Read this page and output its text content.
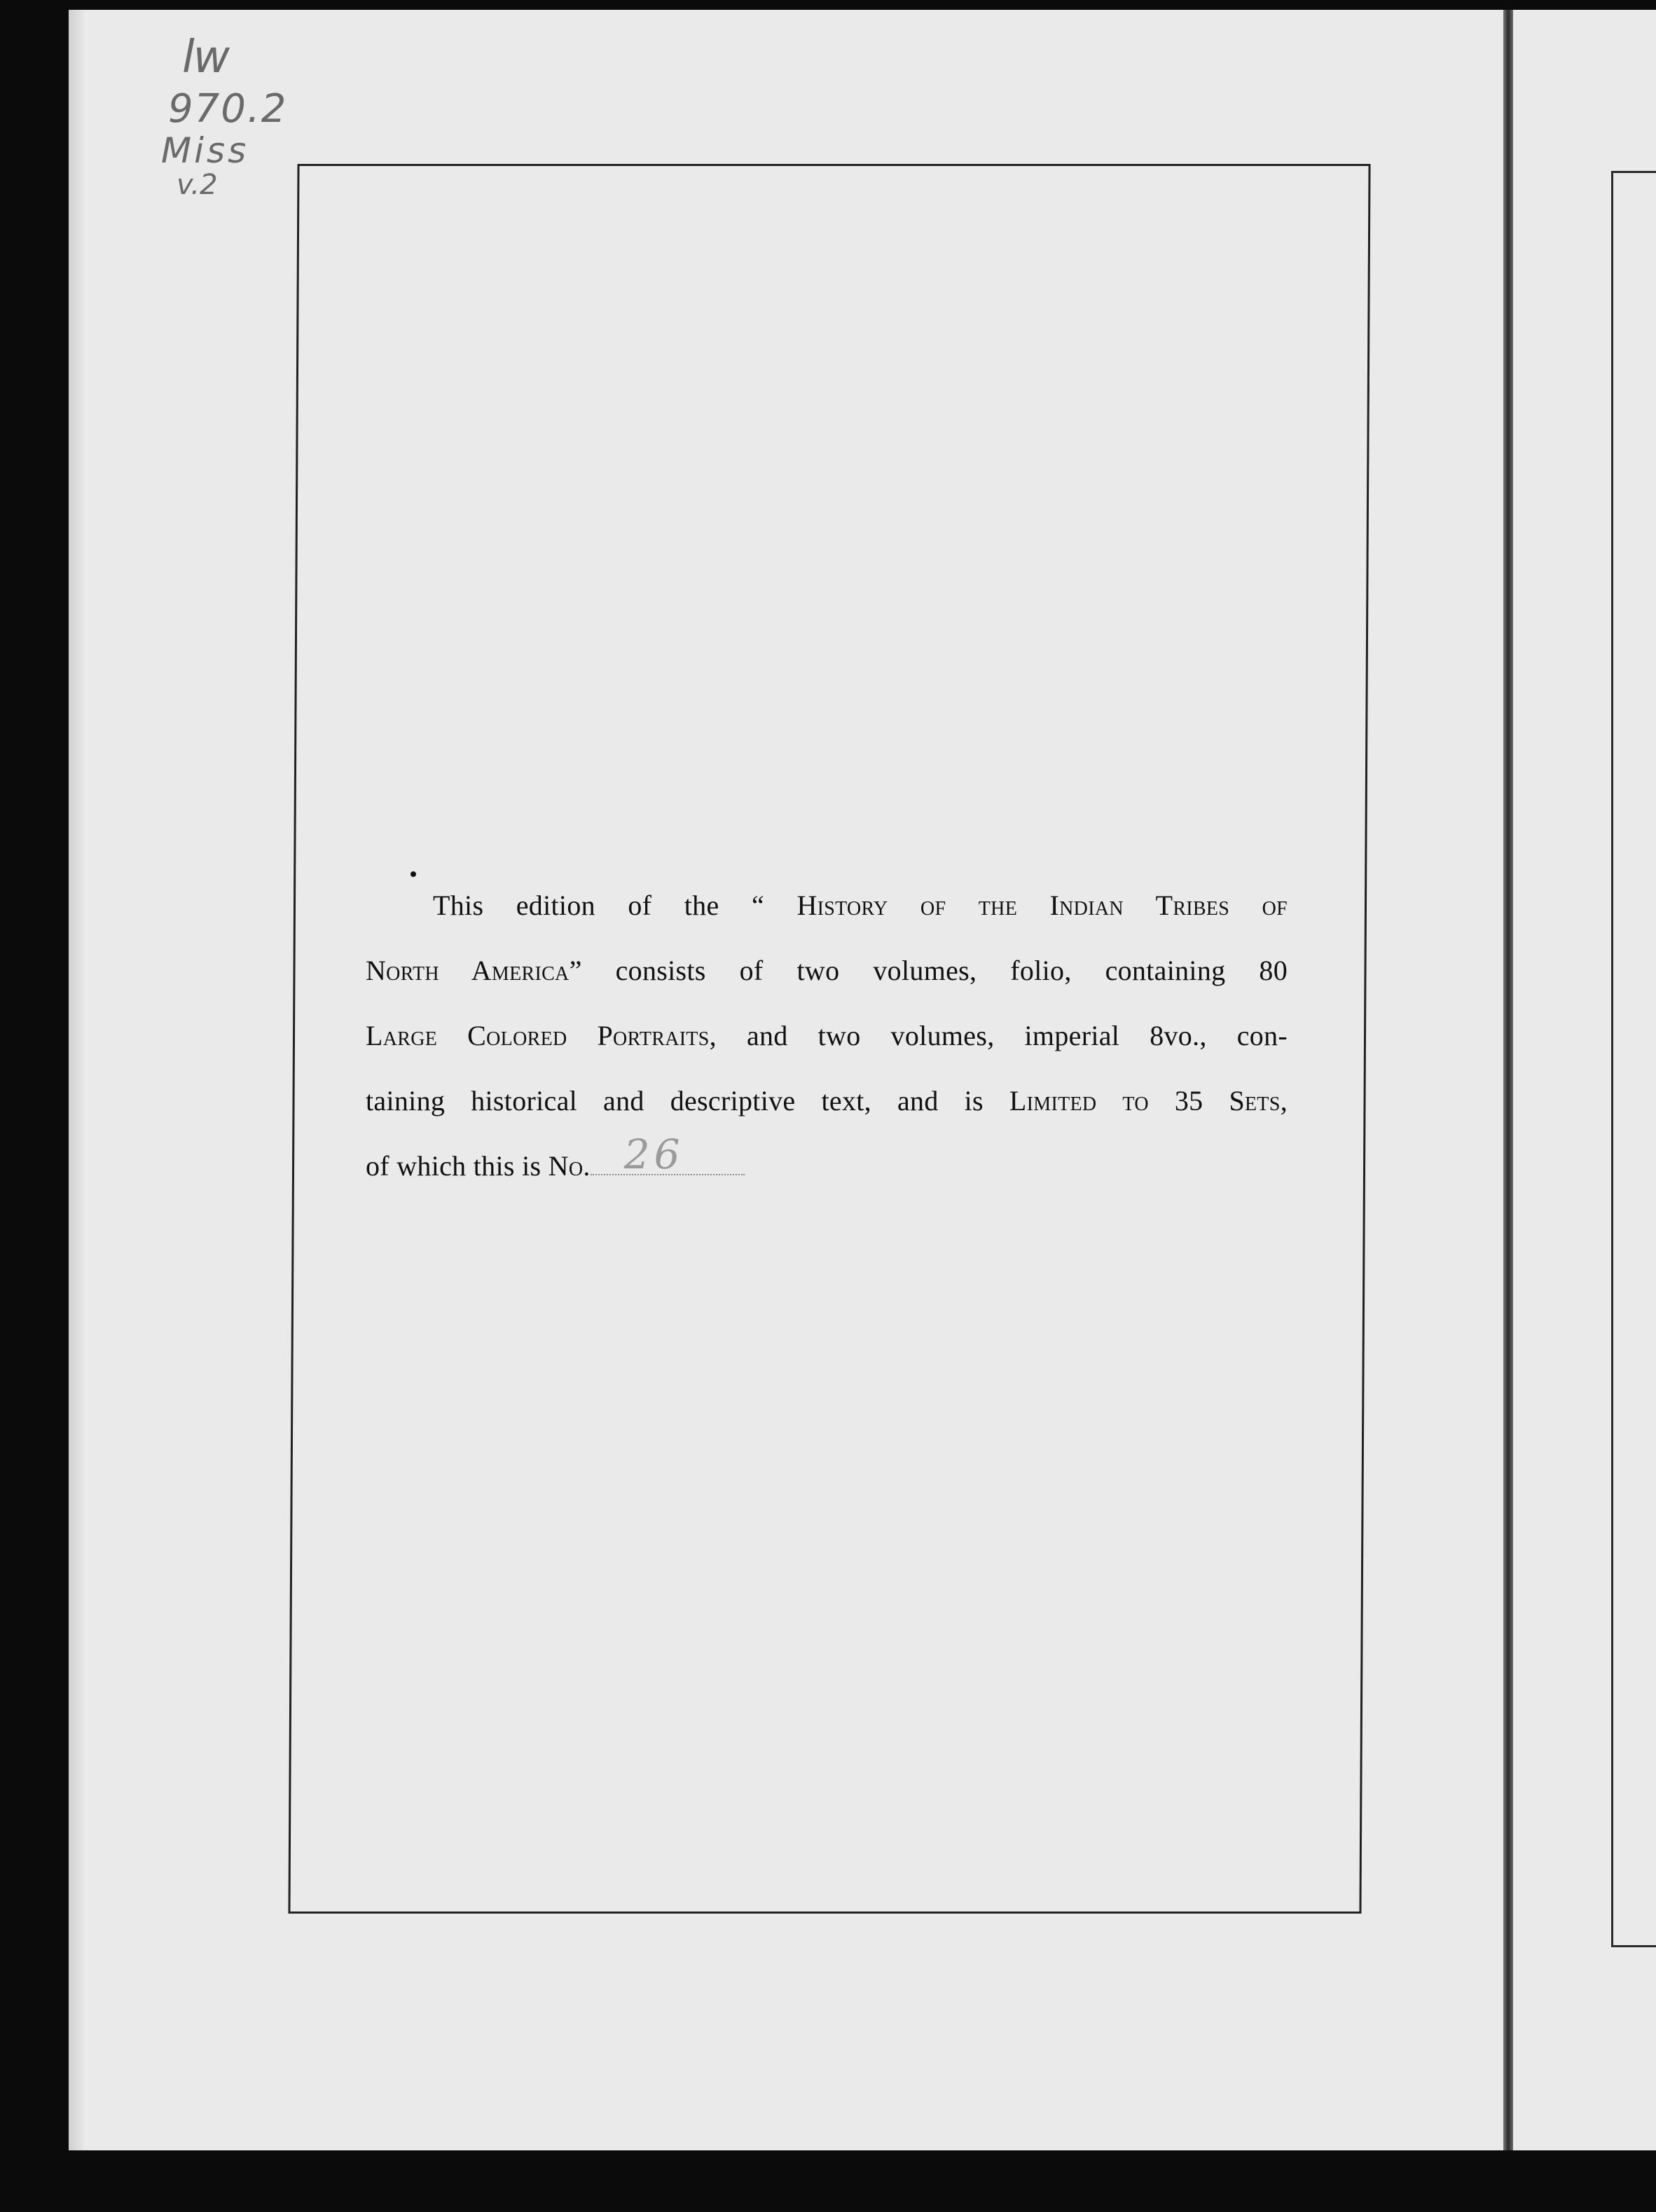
lw
970.2
Miss
v.2
This edition of the “ History of the Indian Tribes of
North America” consists of two volumes, folio, containing 80
Large Colored Portraits, and two volumes, imperial 8vo., con-
taining historical and descriptive text, and is Limited to 35 Sets,
of which this is No. 26
